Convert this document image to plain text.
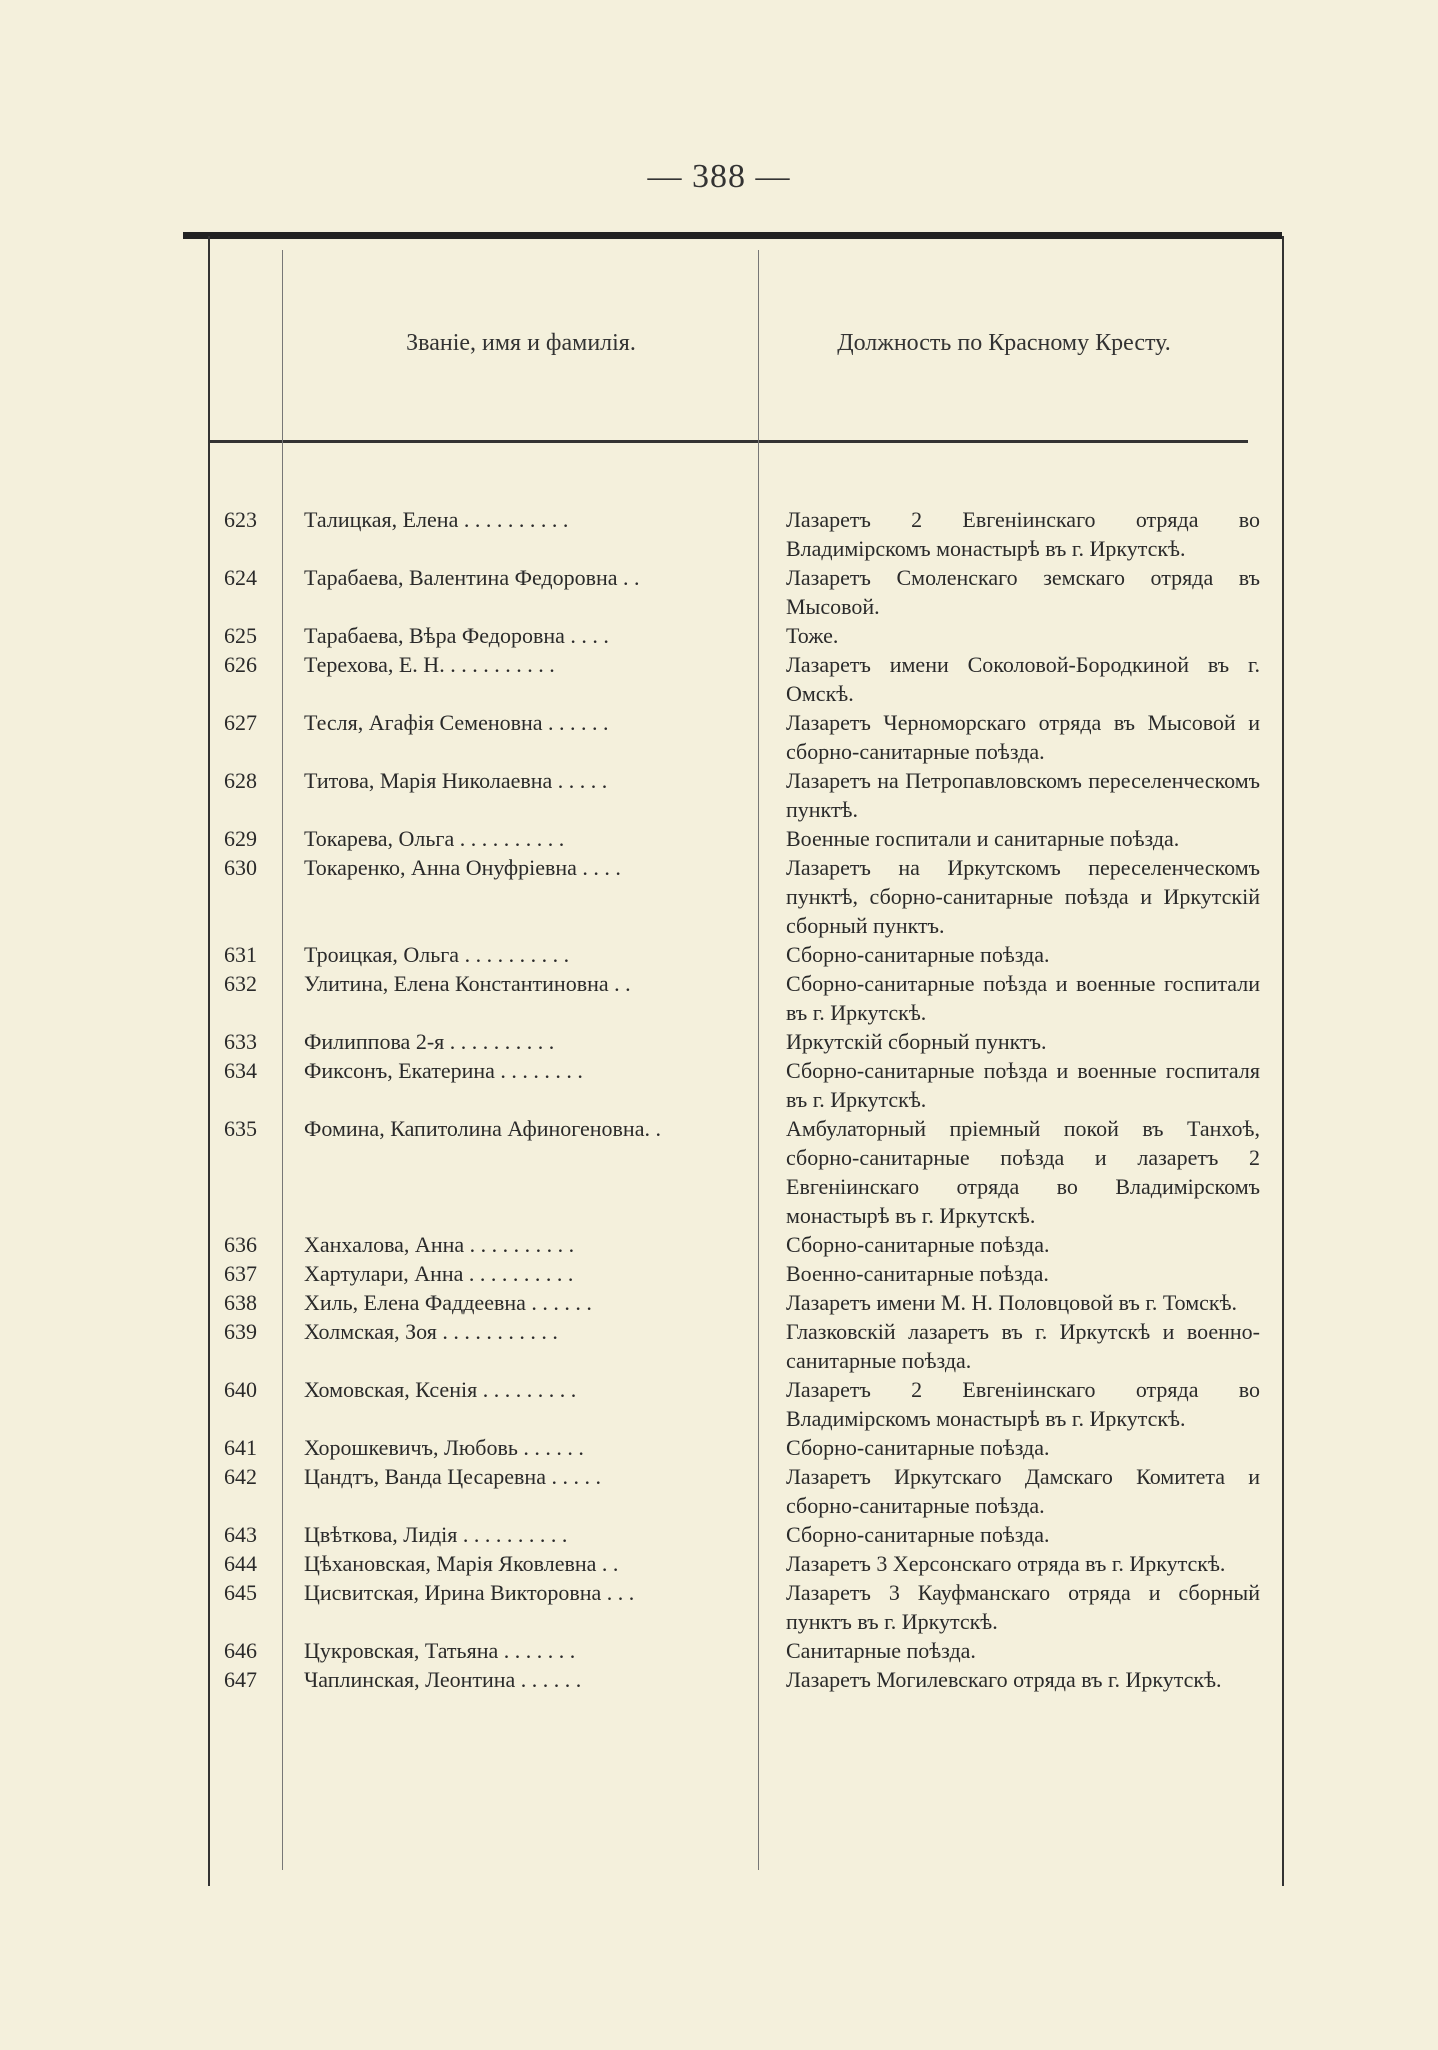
— 388 —
Званіе, имя и фамилія.	Должность по Красному Кресту.
623	Талицкая, Елена . . . . . . . . . .	Лазаретъ 2 Евгеніинскаго отряда во Владимірскомъ монастырѣ въ г. Иркутскѣ.
624	Тарабаева, Валентина Федоровна . .	Лазаретъ Смоленскаго земскаго отряда въ Мысовой.
625	Тарабаева, Вѣра Федоровна . . . .	Тоже.
626	Терехова, Е. Н. . . . . . . . . . .	Лазаретъ имени Соколовой-Бородкиной въ г. Омскѣ.
627	Тесля, Агафія Семеновна . . . . . .	Лазаретъ Черноморскаго отряда въ Мысовой и сборно-санитарные поѣзда.
628	Титова, Марія Николаевна . . . . .	Лазаретъ на Петропавловскомъ переселенческомъ пунктѣ.
629	Токарева, Ольга . . . . . . . . . .	Военные госпитали и санитарные поѣзда.
630	Токаренко, Анна Онуфріевна . . . .	Лазаретъ на Иркутскомъ переселенческомъ пунктѣ, сборно-санитарные поѣзда и Иркутскій сборный пунктъ.
631	Троицкая, Ольга . . . . . . . . . .	Сборно-санитарные поѣзда.
632	Улитина, Елена Константиновна . .	Сборно-санитарные поѣзда и военные госпитали въ г. Иркутскѣ.
633	Филиппова 2-я . . . . . . . . . .	Иркутскій сборный пунктъ.
634	Фиксонъ, Екатерина . . . . . . . .	Сборно-санитарные поѣзда и военные госпиталя въ г. Иркутскѣ.
635	Фомина, Капитолина Афиногеновна. .	Амбулаторный пріемный покой въ Танхоѣ, сборно-санитарные поѣзда и лазаретъ 2 Евгеніинскаго отряда во Владимірскомъ монастырѣ въ г. Иркутскѣ.
636	Ханхалова, Анна . . . . . . . . . .	Сборно-санитарные поѣзда.
637	Хартулари, Анна . . . . . . . . . .	Военно-санитарные поѣзда.
638	Хиль, Елена Фаддеевна . . . . . .	Лазаретъ имени М. Н. Половцовой въ г. Томскѣ.
639	Холмская, Зоя . . . . . . . . . . .	Глазковскій лазаретъ въ г. Иркутскѣ и военно-санитарные поѣзда.
640	Хомовская, Ксенія . . . . . . . . .	Лазаретъ 2 Евгеніинскаго отряда во Владимірскомъ монастырѣ въ г. Иркутскѣ.
641	Хорошкевичъ, Любовь . . . . . .	Сборно-санитарные поѣзда.
642	Цандтъ, Ванда Цесаревна . . . . .	Лазаретъ Иркутскаго Дамскаго Комитета и сборно-санитарные поѣзда.
643	Цвѣткова, Лидія . . . . . . . . . .	Сборно-санитарные поѣзда.
644	Цѣхановская, Марія Яковлевна . .	Лазаретъ 3 Херсонскаго отряда въ г. Иркутскѣ.
645	Цисвитская, Ирина Викторовна . . .	Лазаретъ 3 Кауфманскаго отряда и сборный пунктъ въ г. Иркутскѣ.
646	Цукровская, Татьяна . . . . . . .	Санитарные поѣзда.
647	Чаплинская, Леонтина . . . . . .	Лазаретъ Могилевскаго отряда въ г. Иркутскѣ.
